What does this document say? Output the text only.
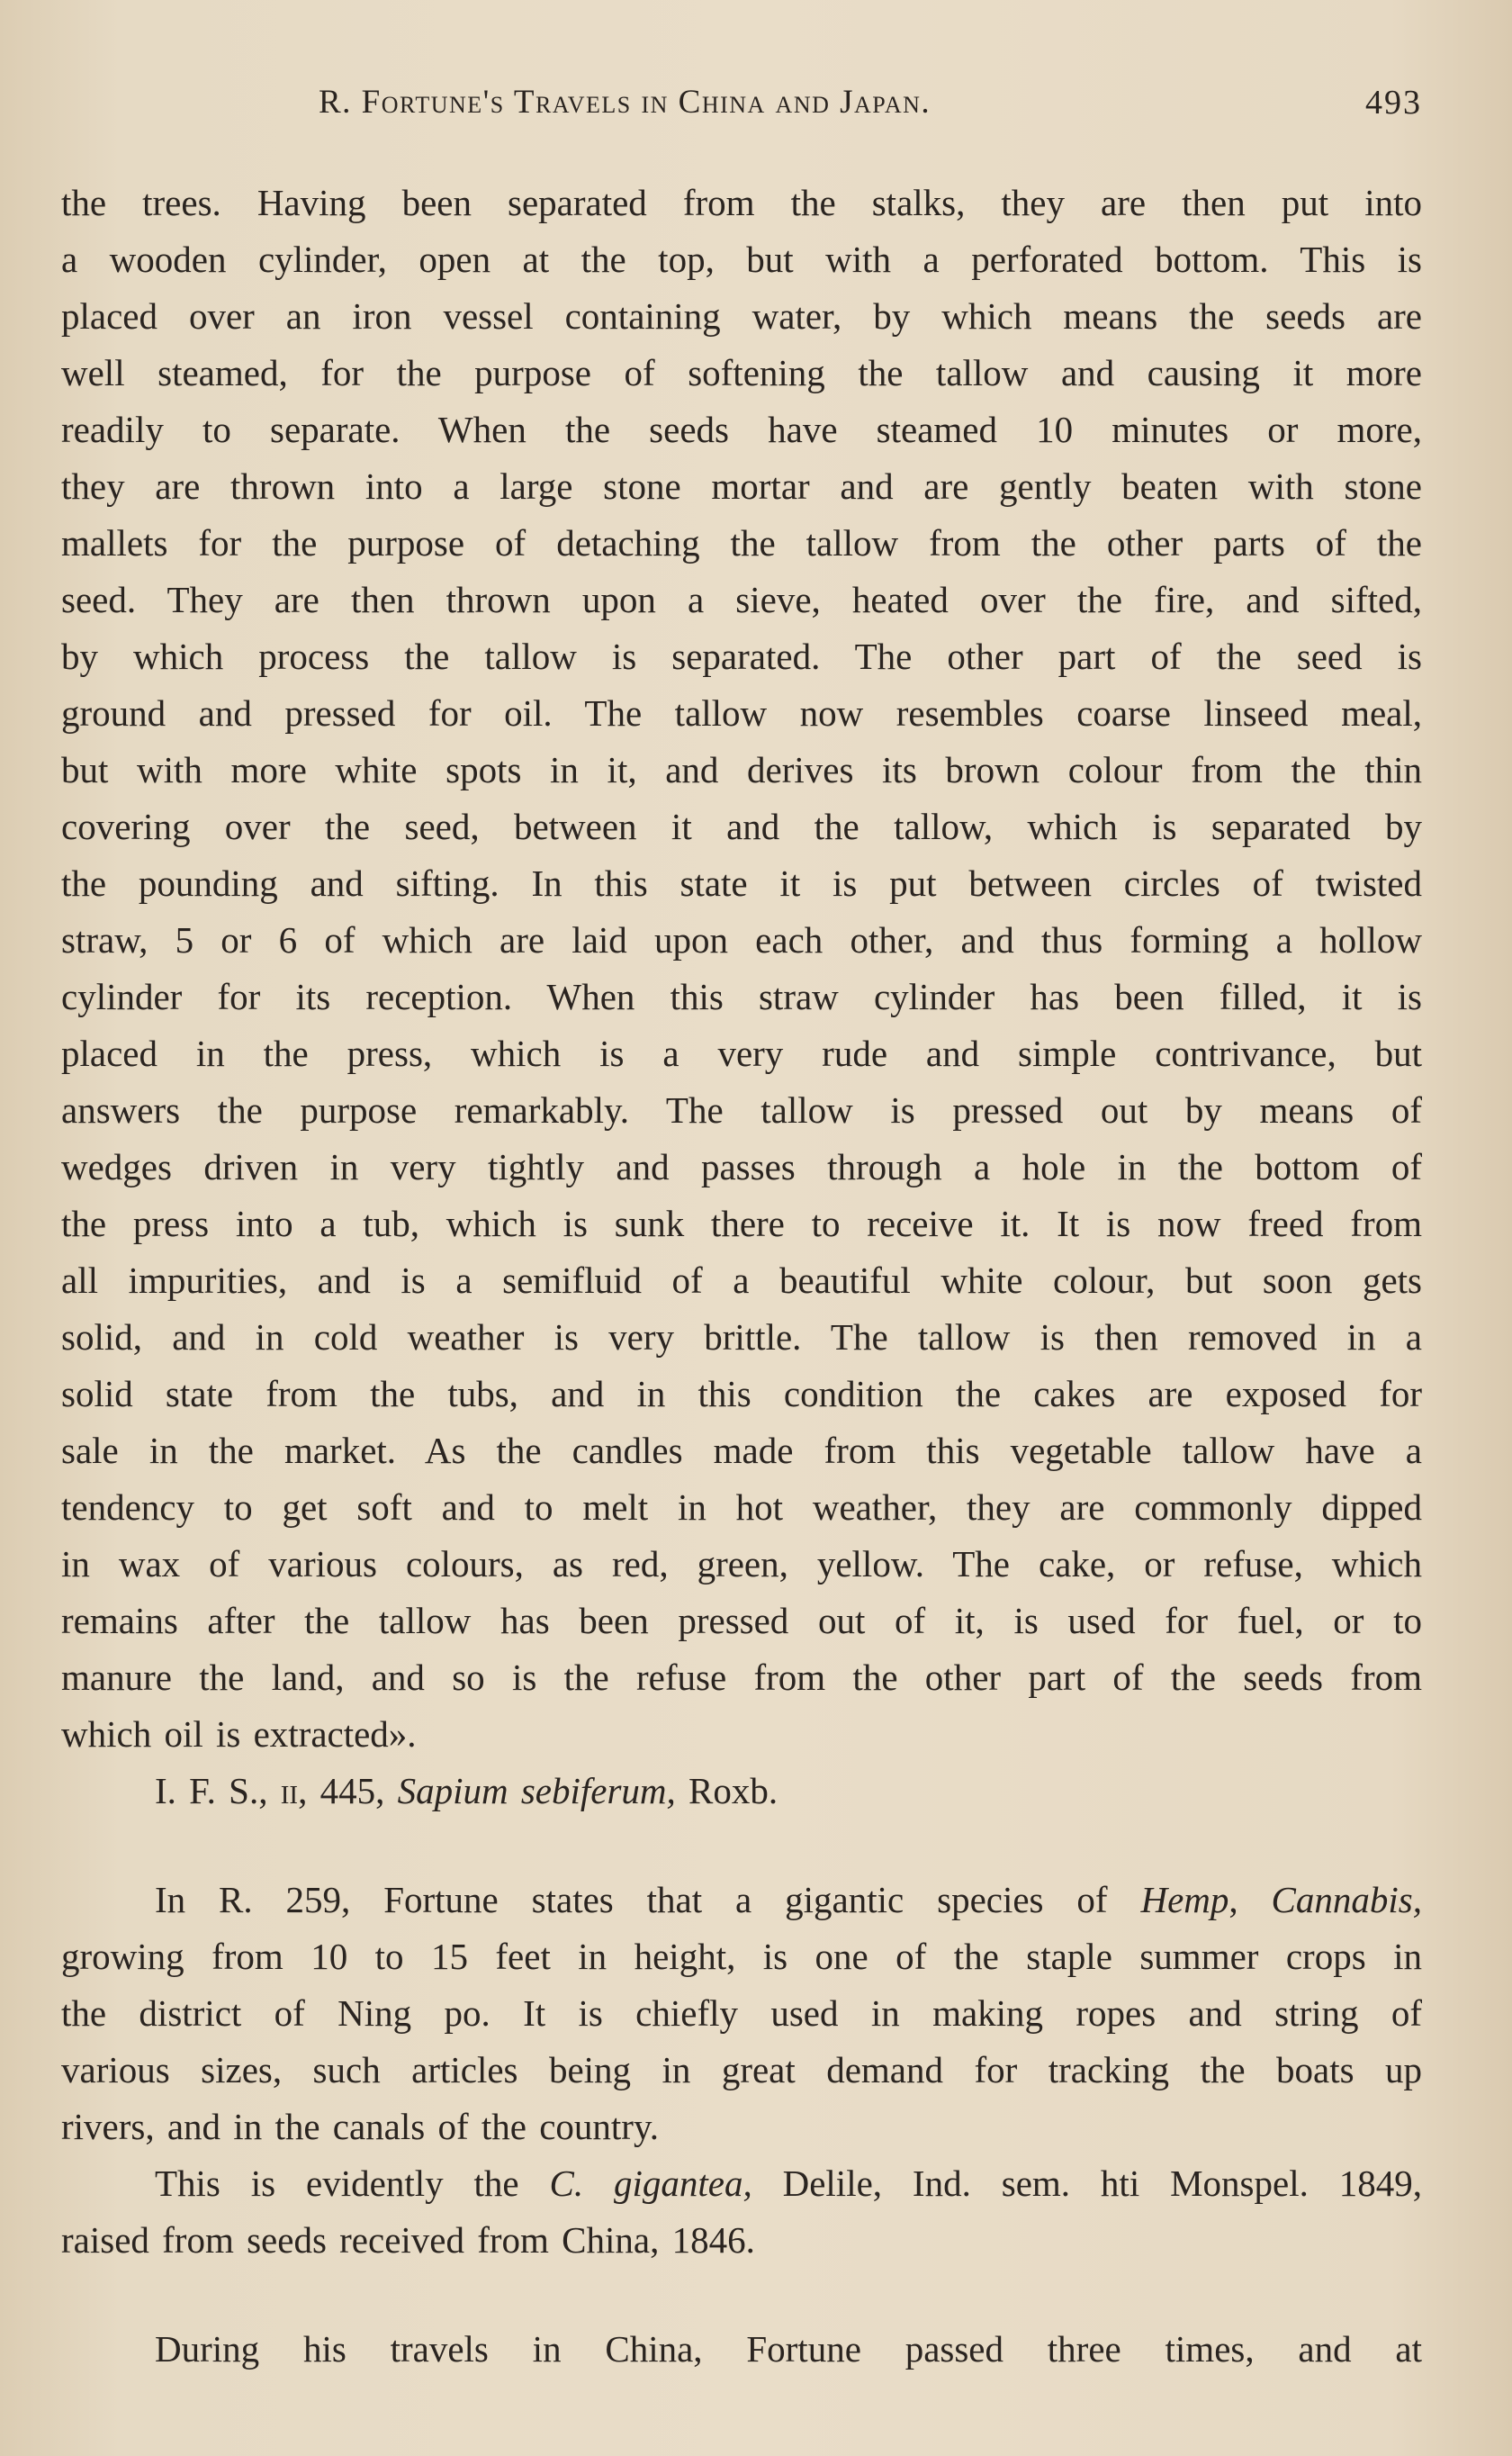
R. Fortune's Travels in China and Japan.	493
the trees. Having been separated from the stalks, they are then put into
a wooden cylinder, open at the top, but with a perforated bottom. This is
placed over an iron vessel containing water, by which means the seeds are
well steamed, for the purpose of softening the tallow and causing it more
readily to separate. When the seeds have steamed 10 minutes or more,
they are thrown into a large stone mortar and are gently beaten with stone
mallets for the purpose of detaching the tallow from the other parts of the
seed. They are then thrown upon a sieve, heated over the fire, and sifted,
by which process the tallow is separated. The other part of the seed is
ground and pressed for oil. The tallow now resembles coarse linseed meal,
but with more white spots in it, and derives its brown colour from the thin
covering over the seed, between it and the tallow, which is separated by
the pounding and sifting. In this state it is put between circles of twisted
straw, 5 or 6 of which are laid upon each other, and thus forming a hollow
cylinder for its reception. When this straw cylinder has been filled, it is
placed in the press, which is a very rude and simple contrivance, but
answers the purpose remarkably. The tallow is pressed out by means of
wedges driven in very tightly and passes through a hole in the bottom of
the press into a tub, which is sunk there to receive it. It is now freed from
all impurities, and is a semifluid of a beautiful white colour, but soon gets
solid, and in cold weather is very brittle. The tallow is then removed in a
solid state from the tubs, and in this condition the cakes are exposed for
sale in the market. As the candles made from this vegetable tallow have a
tendency to get soft and to melt in hot weather, they are commonly dipped
in wax of various colours, as red, green, yellow. The cake, or refuse, which
remains after the tallow has been pressed out of it, is used for fuel, or to
manure the land, and so is the refuse from the other part of the seeds from
which oil is extracted».
I. F. S., ii, 445, Sapium sebiferum, Roxb.
In R. 259, Fortune states that a gigantic species of Hemp, Cannabis,
growing from 10 to 15 feet in height, is one of the staple summer crops in
the district of Ning po. It is chiefly used in making ropes and string of
various sizes, such articles being in great demand for tracking the boats up
rivers, and in the canals of the country.
This is evidently the C. gigantea, Delile, Ind. sem. hti Monspel. 1849,
raised from seeds received from China, 1846.
During his travels in China, Fortune passed three times, and at
